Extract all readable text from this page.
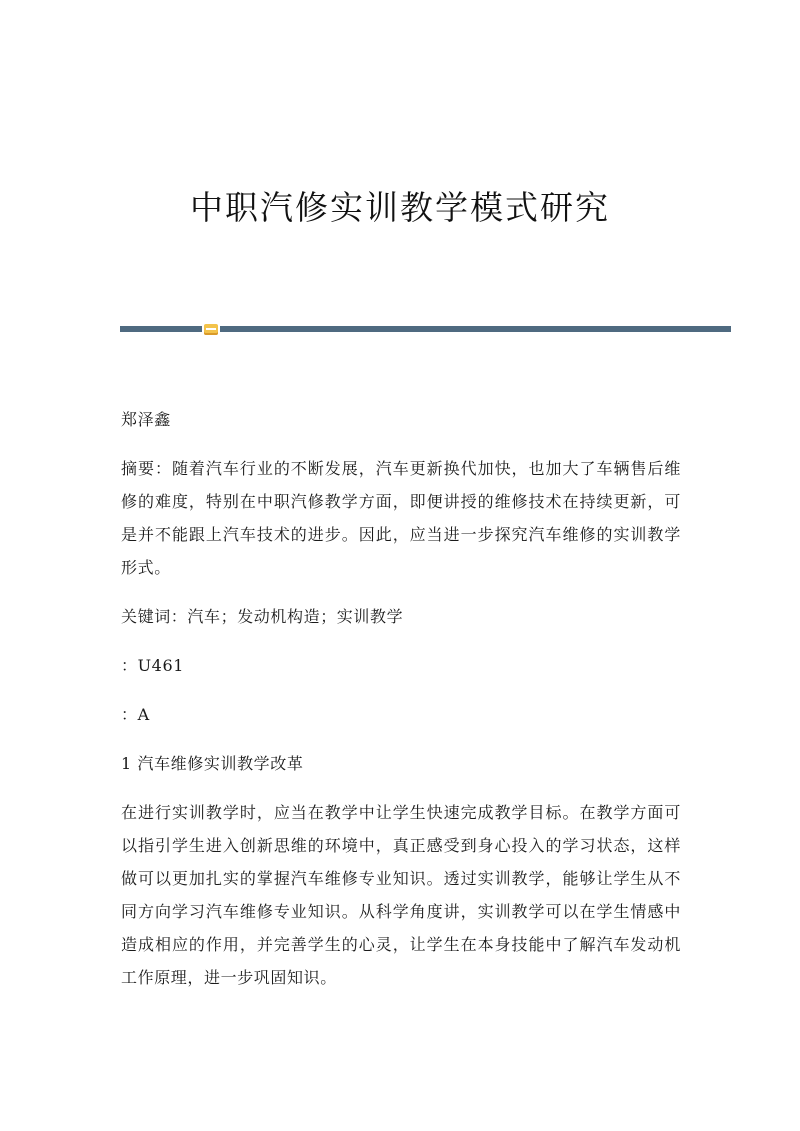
中职汽修实训教学模式研究

郑泽鑫

摘要：随着汽车行业的不断发展，汽车更新换代加快，也加大了车辆售后维修的难度，特别在中职汽修教学方面，即便讲授的维修技术在持续更新，可是并不能跟上汽车技术的进步。因此，应当进一步探究汽车维修的实训教学形式。

关键词：汽车；发动机构造；实训教学

：U461

：A

1 汽车维修实训教学改革

在进行实训教学时，应当在教学中让学生快速完成教学目标。在教学方面可以指引学生进入创新思维的环境中，真正感受到身心投入的学习状态，这样做可以更加扎实的掌握汽车维修专业知识。透过实训教学，能够让学生从不同方向学习汽车维修专业知识。从科学角度讲，实训教学可以在学生情感中造成相应的作用，并完善学生的心灵，让学生在本身技能中了解汽车发动机工作原理，进一步巩固知识。
